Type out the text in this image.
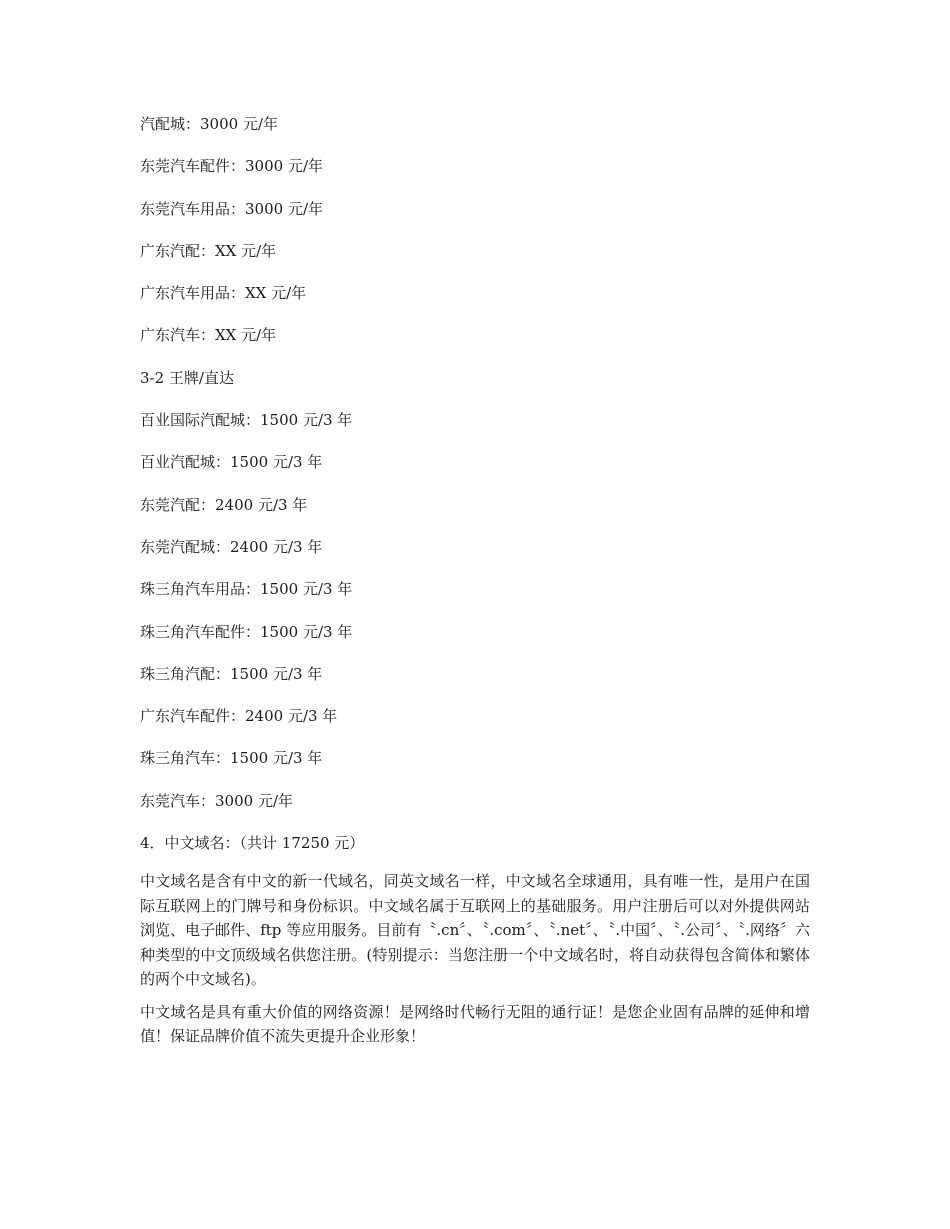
汽配城：3000 元/年
东莞汽车配件：3000 元/年
东莞汽车用品：3000 元/年
广东汽配：XX 元/年
广东汽车用品：XX 元/年
广东汽车：XX 元/年
3-2 王牌/直达
百业国际汽配城：1500 元/3 年
百业汽配城：1500 元/3 年
东莞汽配：2400 元/3 年
东莞汽配城：2400 元/3 年
珠三角汽车用品：1500 元/3 年
珠三角汽车配件：1500 元/3 年
珠三角汽配：1500 元/3 年
广东汽车配件：2400 元/3 年
珠三角汽车：1500 元/3 年
东莞汽车：3000 元/年
4．中文域名：（共计 17250 元）

中文域名是含有中文的新一代域名，同英文域名一样，中文域名全球通用，具有唯一性，是用户在国际互联网上的门牌号和身份标识。中文域名属于互联网上的基础服务。用户注册后可以对外提供网站浏览、电子邮件、ftp 等应用服务。目前有〝.cn〞、〝.com〞、〝.net〞、〝.中国〞、〝.公司〞、〝.网络〞六种类型的中文顶级域名供您注册。(特别提示：当您注册一个中文域名时，将自动获得包含简体和繁体的两个中文域名)。

中文域名是具有重大价值的网络资源！是网络时代畅行无阻的通行证！是您企业固有品牌的延伸和增值！保证品牌价值不流失更提升企业形象！
